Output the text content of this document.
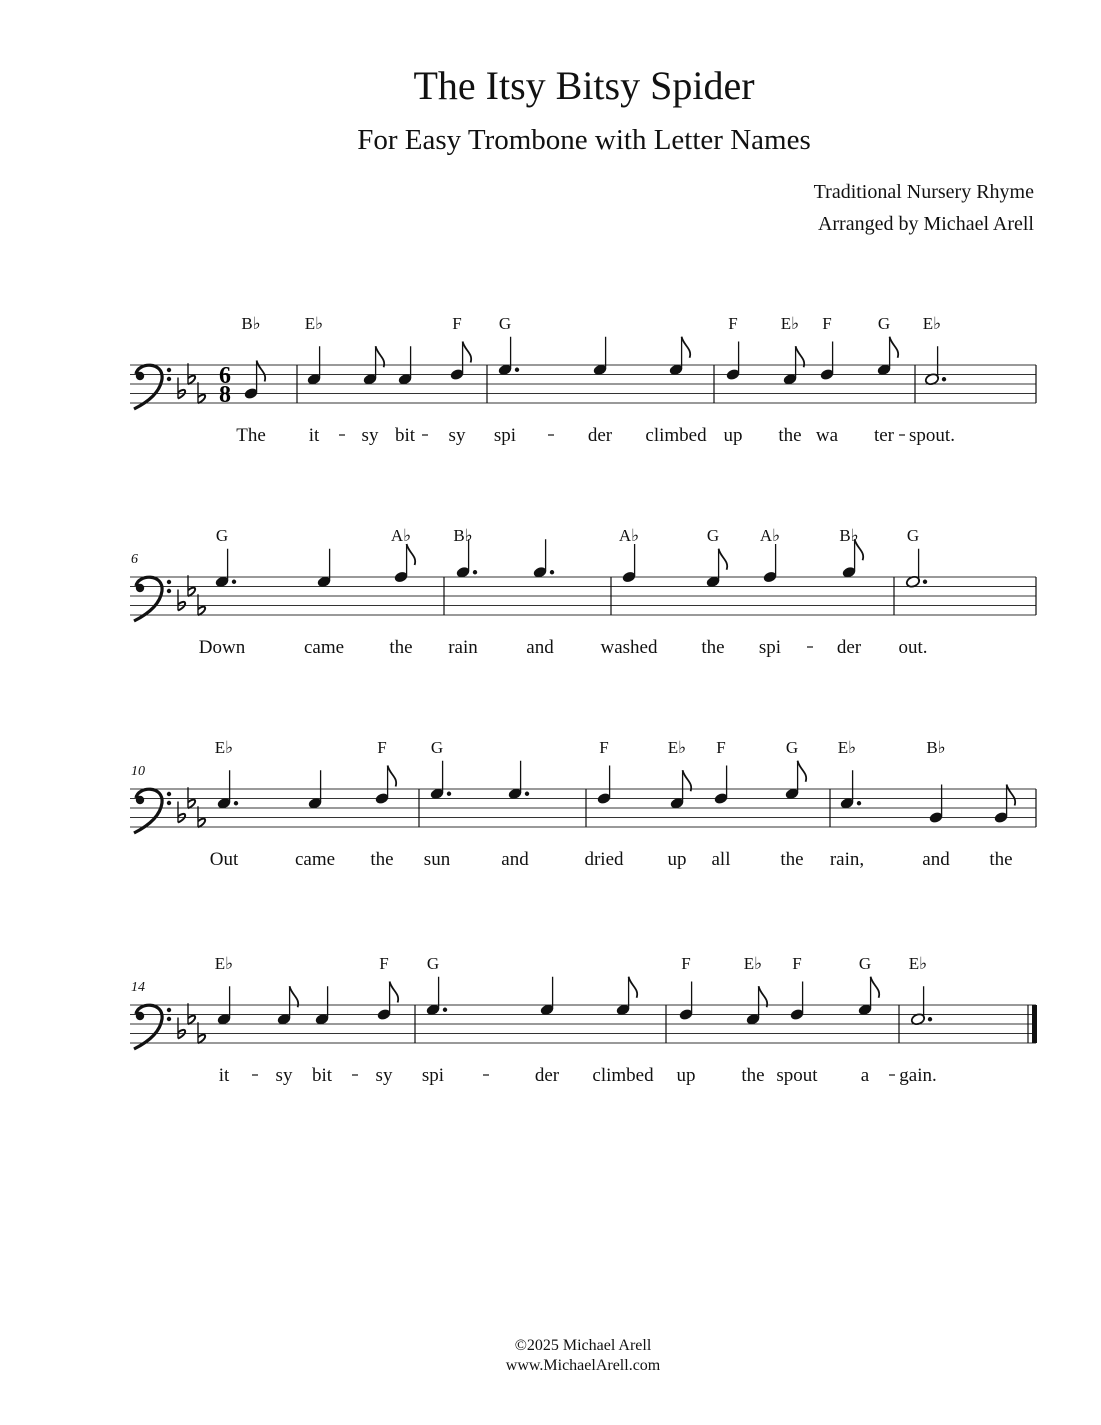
The Itsy Bitsy Spider
For Easy Trombone with Letter Names
Traditional Nursery Rhyme
Arranged by Michael Arell
6
8
B♭
The
E♭
it sy bit
F
sy
G
spi	der climbed
F
up
E♭
the
F
wa
G
ter
E♭
spout.
6
G
Down	came
A♭
the
B♭
rain	and
A♭
washed
G
the
A♭
spi
B♭
der
G
out.
10
E♭
Out	came
F
the
G
sun	and
F
dried
E♭
up
F
all
G
the
E♭
rain,
B♭
and the
14
E♭
it sy bit
F
sy
G
spi	der climbed
F
up
E♭
the
F
spout
G
a
E♭
gain.
©2025 Michael Arell
www.MichaelArell.com
